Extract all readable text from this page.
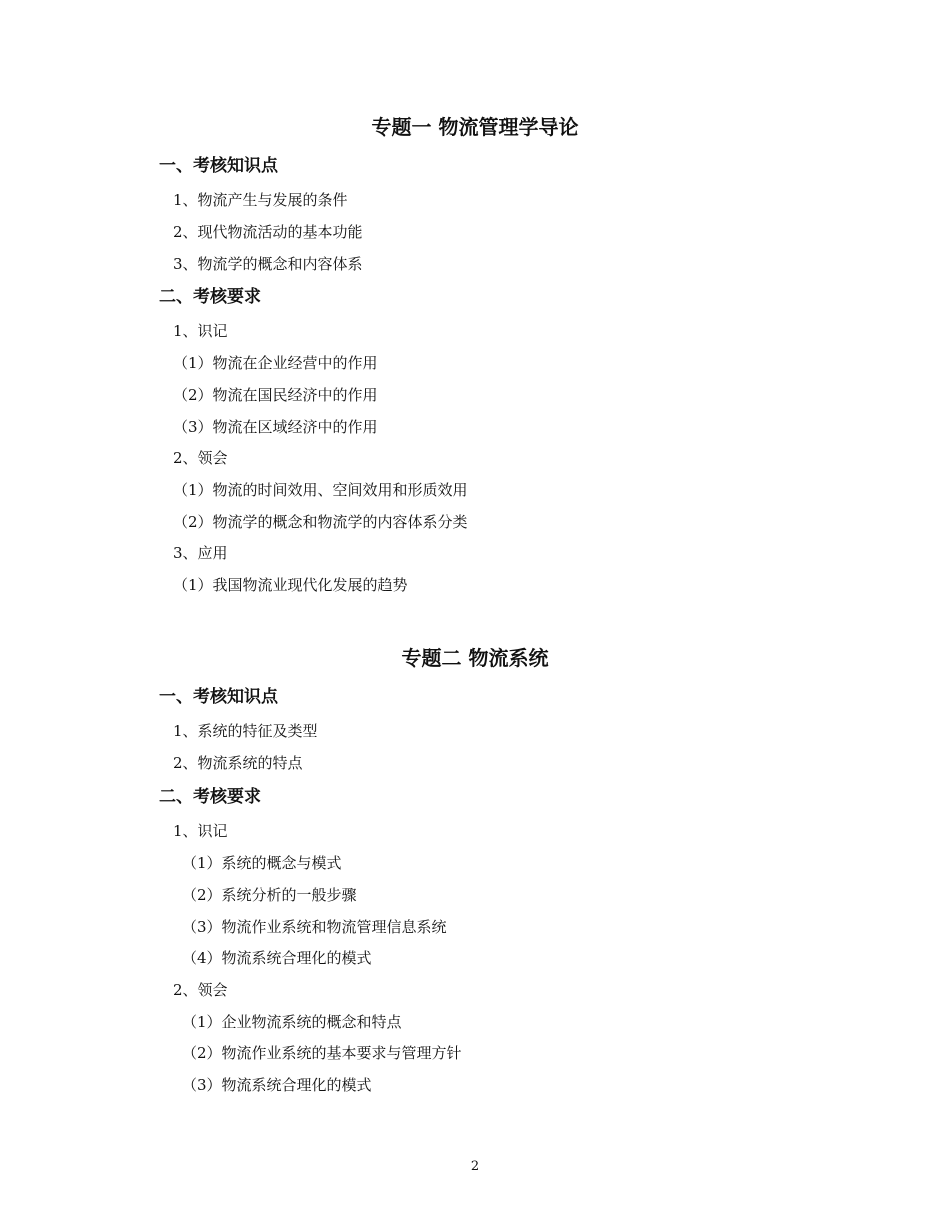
专题一 物流管理学导论
一、考核知识点
1、物流产生与发展的条件
2、现代物流活动的基本功能
3、物流学的概念和内容体系
二、考核要求
1、识记
（1）物流在企业经营中的作用
（2）物流在国民经济中的作用
（3）物流在区域经济中的作用
2、领会
（1）物流的时间效用、空间效用和形质效用
（2）物流学的概念和物流学的内容体系分类
3、应用
（1）我国物流业现代化发展的趋势
专题二 物流系统
一、考核知识点
1、系统的特征及类型
2、物流系统的特点
二、考核要求
1、识记
（1）系统的概念与模式
（2）系统分析的一般步骤
（3）物流作业系统和物流管理信息系统
（4）物流系统合理化的模式
2、领会
（1）企业物流系统的概念和特点
（2）物流作业系统的基本要求与管理方针
（3）物流系统合理化的模式
2
